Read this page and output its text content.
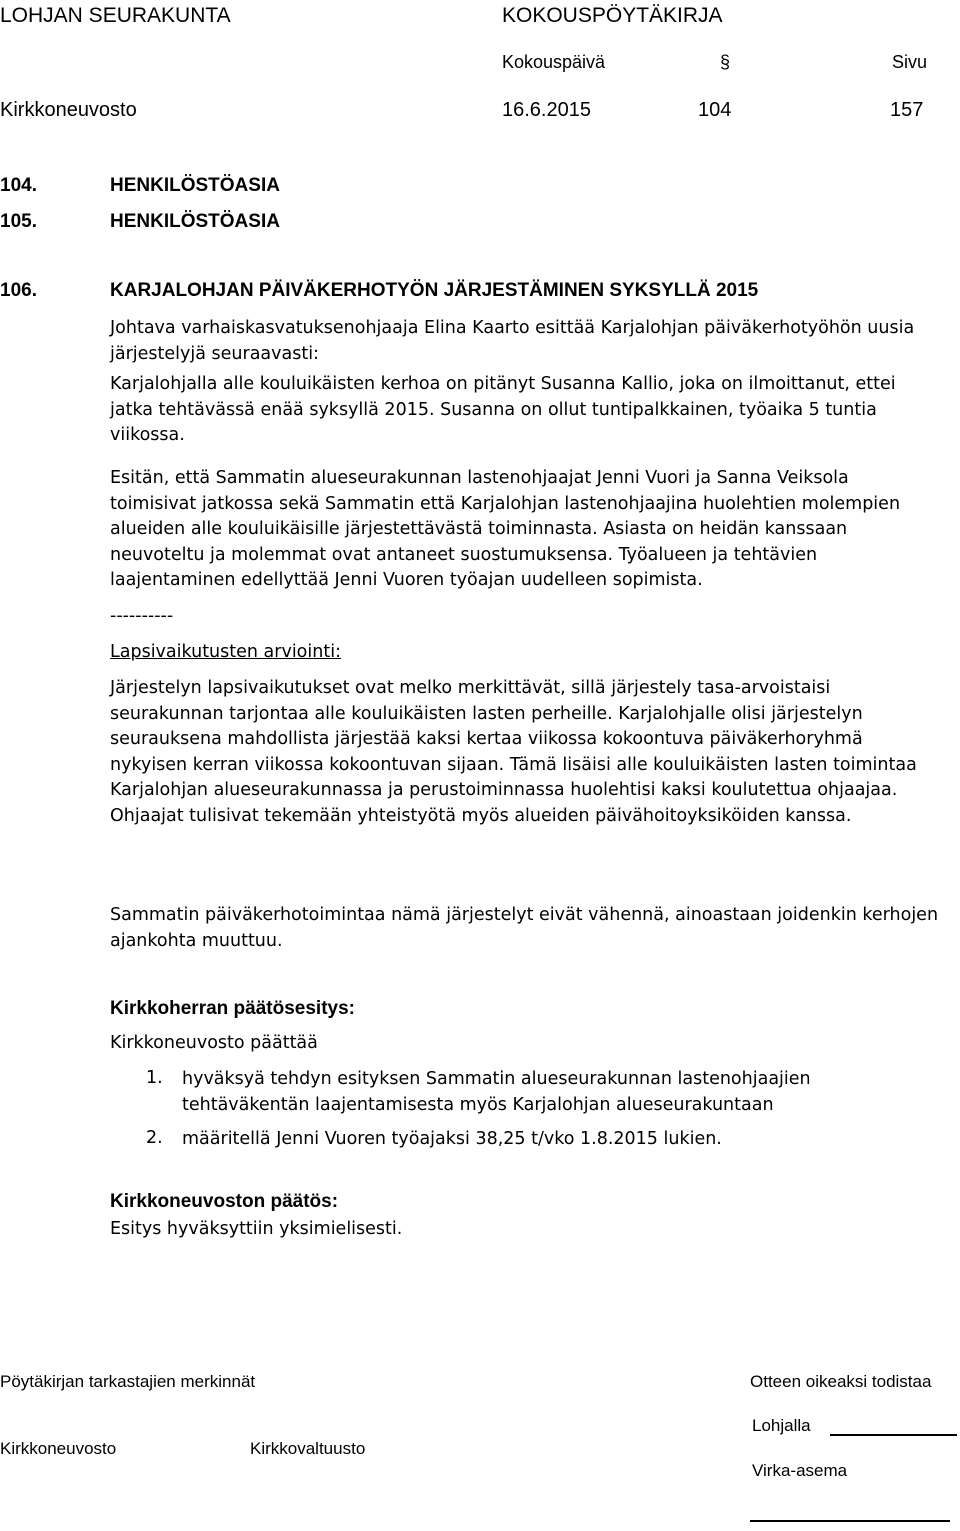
LOHJAN SEURAKUNTA	KOKOUSPÖYTÄKIRJA
Kokouspäivä	§	Sivu
Kirkkoneuvosto	16.6.2015	104	157
104.	HENKILÖSTÖASIA
105.	HENKILÖSTÖASIA
106.	KARJALOHJAN PÄIVÄKERHOTYÖN JÄRJESTÄMINEN SYKSYLLÄ 2015

Johtava varhaiskasvatuksenohjaaja Elina Kaarto esittää Karjalohjan päiväkerhotyöhön uusia järjestelyjä seuraavasti:

Karjalohjalla alle kouluikäisten kerhoa on pitänyt Susanna Kallio, joka on ilmoittanut, ettei jatka tehtävässä enää syksyllä 2015. Susanna on ollut tuntipalkkainen, työaika 5 tuntia viikossa.

Esitän, että Sammatin alueseurakunnan lastenohjaajat Jenni Vuori ja Sanna Veiksola toimisivat jatkossa sekä Sammatin että Karjalohjan lastenohjaajina huolehtien molempien alueiden alle kouluikäisille järjestettävästä toiminnasta. Asiasta on heidän kanssaan neuvoteltu ja molemmat ovat antaneet suostumuksensa. Työalueen ja tehtävien laajentaminen edellyttää Jenni Vuoren työajan uudelleen sopimista.

----------

Lapsivaikutusten arviointi:

Järjestelyn lapsivaikutukset ovat melko merkittävät, sillä järjestely tasa-arvoistaisi seurakunnan tarjontaa alle kouluikäisten lasten perheille. Karjalohjalle olisi järjestelyn seurauksena mahdollista järjestää kaksi kertaa viikossa kokoontuva päiväkerhoryhmä nykyisen kerran viikossa kokoontuvan sijaan. Tämä lisäisi alle kouluikäisten lasten toimintaa Karjalohjan alueseurakunnassa ja perustoiminnassa huolehtisi kaksi koulutettua ohjaajaa. Ohjaajat tulisivat tekemään yhteistyötä myös alueiden päivähoitoyksiköiden kanssa.

Sammatin päiväkerhotoimintaa nämä järjestelyt eivät vähennä, ainoastaan joidenkin kerhojen ajankohta muuttuu.

Kirkkoherran päätösesitys:

Kirkkoneuvosto päättää

1. hyväksyä tehdyn esityksen Sammatin alueseurakunnan lastenohjaajien tehtäväkentän laajentamisesta myös Karjalohjan alueseurakuntaan
2. määritellä Jenni Vuoren työajaksi 38,25 t/vko 1.8.2015 lukien.

Kirkkoneuvoston päätös:

Esitys hyväksyttiin yksimielisesti.

Pöytäkirjan tarkastajien merkinnät	Otteen oikeaksi todistaa
Kirkkoneuvosto	Kirkkovaltuusto
Lohjalla
Virka-asema
